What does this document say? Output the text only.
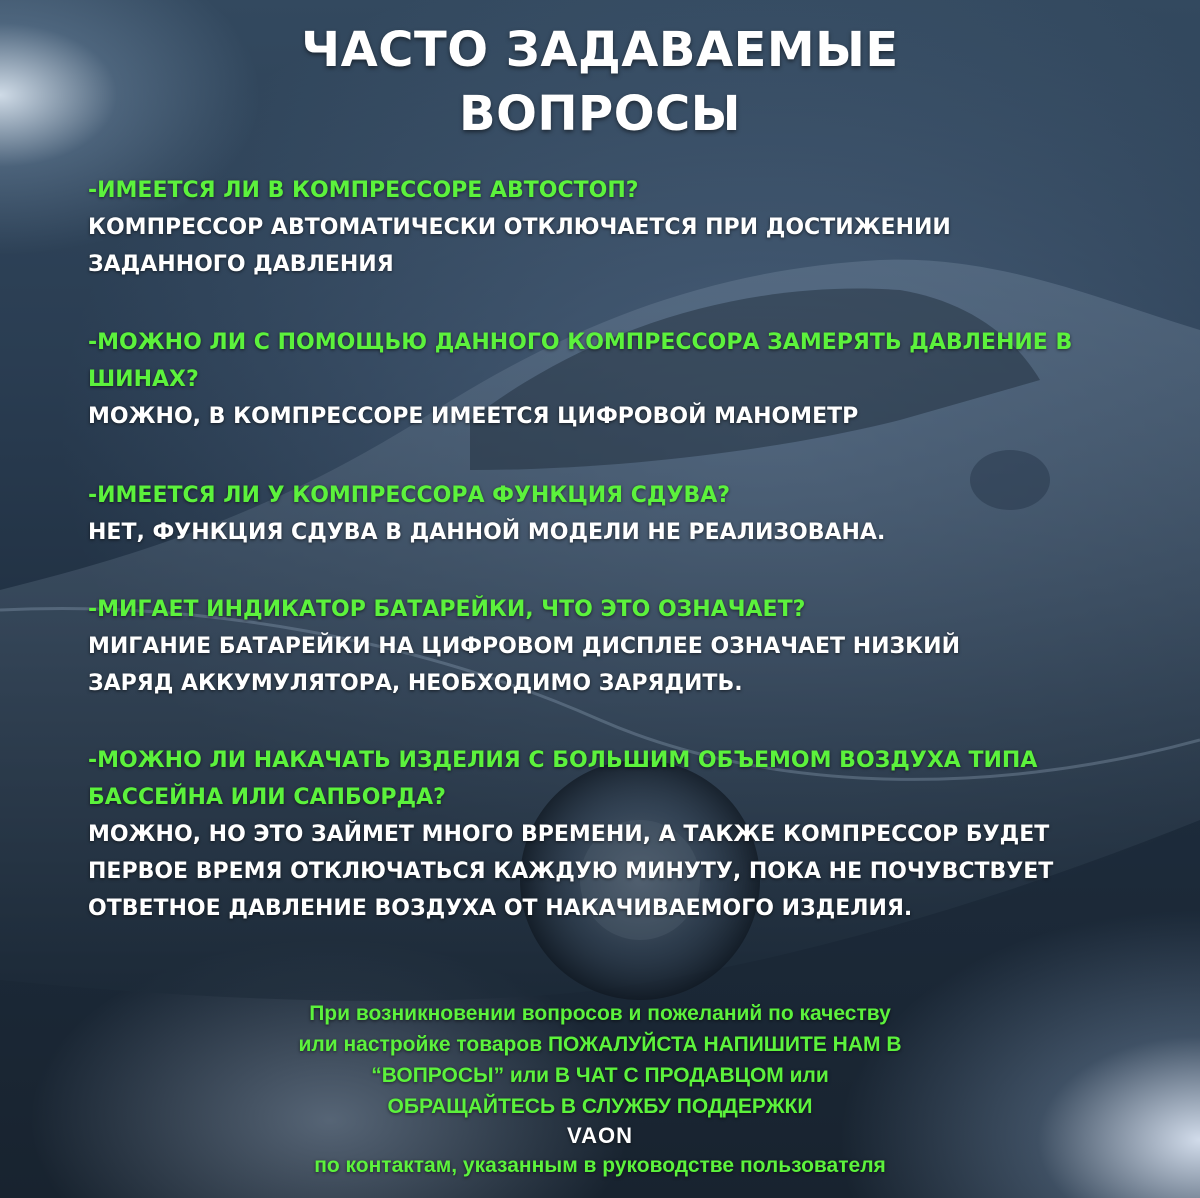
ЧАСТО ЗАДАВАЕМЫЕ
ВОПРОСЫ
-ИМЕЕТСЯ ЛИ В КОМПРЕССОРЕ АВТОСТОП?
КОМПРЕССОР АВТОМАТИЧЕСКИ ОТКЛЮЧАЕТСЯ ПРИ ДОСТИЖЕНИИ
ЗАДАННОГО ДАВЛЕНИЯ
-МОЖНО ЛИ С ПОМОЩЬЮ ДАННОГО КОМПРЕССОРА ЗАМЕРЯТЬ ДАВЛЕНИЕ В ШИНАХ?
МОЖНО, В КОМПРЕССОРЕ ИМЕЕТСЯ ЦИФРОВОЙ МАНОМЕТР
-ИМЕЕТСЯ ЛИ У КОМПРЕССОРА ФУНКЦИЯ СДУВА?
НЕТ, ФУНКЦИЯ СДУВА В ДАННОЙ МОДЕЛИ НЕ РЕАЛИЗОВАНА.
-МИГАЕТ ИНДИКАТОР БАТАРЕЙКИ, ЧТО ЭТО ОЗНАЧАЕТ?
МИГАНИЕ БАТАРЕЙКИ НА ЦИФРОВОМ ДИСПЛЕЕ ОЗНАЧАЕТ НИЗКИЙ
ЗАРЯД АККУМУЛЯТОРА, НЕОБХОДИМО ЗАРЯДИТЬ.
-МОЖНО ЛИ НАКАЧАТЬ ИЗДЕЛИЯ С БОЛЬШИМ ОБЪЕМОМ ВОЗДУХА ТИПА БАССЕЙНА ИЛИ САПБОРДА?
МОЖНО, НО ЭТО ЗАЙМЕТ МНОГО ВРЕМЕНИ, А ТАКЖЕ КОМПРЕССОР БУДЕТ
ПЕРВОЕ ВРЕМЯ ОТКЛЮЧАТЬСЯ КАЖДУЮ МИНУТУ, ПОКА НЕ ПОЧУВСТВУЕТ
ОТВЕТНОЕ ДАВЛЕНИЕ ВОЗДУХА ОТ НАКАЧИВАЕМОГО ИЗДЕЛИЯ.
При возникновении вопросов и пожеланий по качеству
или настройке товаров ПОЖАЛУЙСТА НАПИШИТЕ НАМ В
“ВОПРОСЫ” или В ЧАТ С ПРОДАВЦОМ или
ОБРАЩАЙТЕСЬ В СЛУЖБУ ПОДДЕРЖКИ
VAON
по контактам, указанным в руководстве пользователя
